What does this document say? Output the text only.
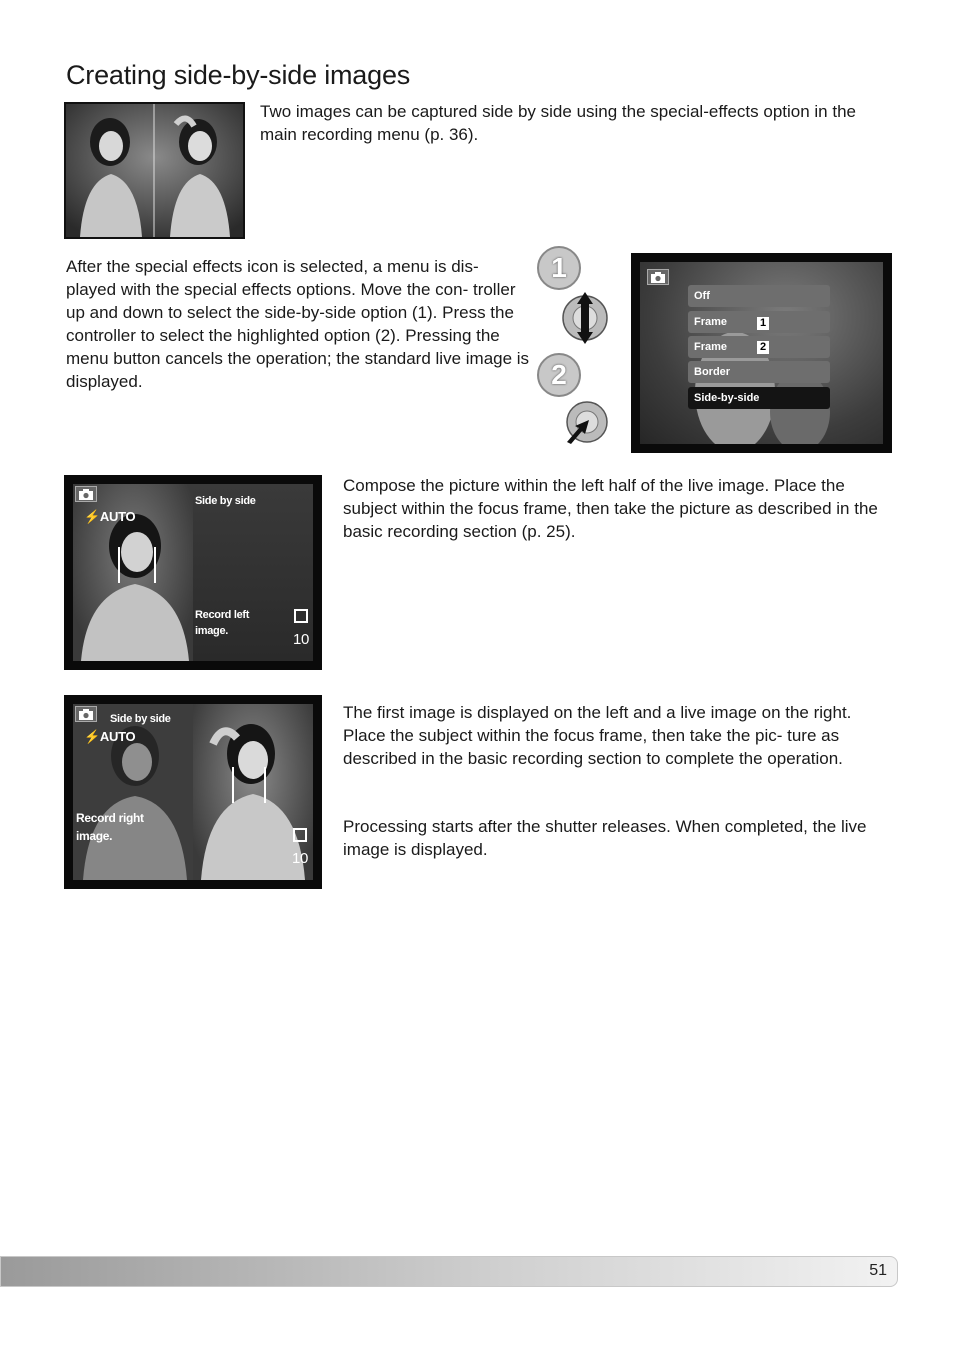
Creating side-by-side images

Two images can be captured side by side using the special-effects option in the main recording menu (p. 36).

After the special effects icon is selected, a menu is dis- played with the special effects options. Move the con- troller up and down to select the side-by-side option (1). Press the controller to select the highlighted option (2). Pressing the menu button cancels the operation; the standard live image is displayed.

1
2
Off
Frame	1
Frame	2
Border
Side-by-side
⚡AUTO
Side by side
Record left
image.	10

Compose the picture within the left half of the live image. Place the subject within the focus frame, then take the picture as described in the basic recording section (p. 25).

Side by side
⚡AUTO
Record right
image.
10

The first image is displayed on the left and a live image on the right. Place the subject within the focus frame, then take the pic- ture as described in the basic recording section to complete the operation.

Processing starts after the shutter releases. When completed, the live image is displayed.

51
